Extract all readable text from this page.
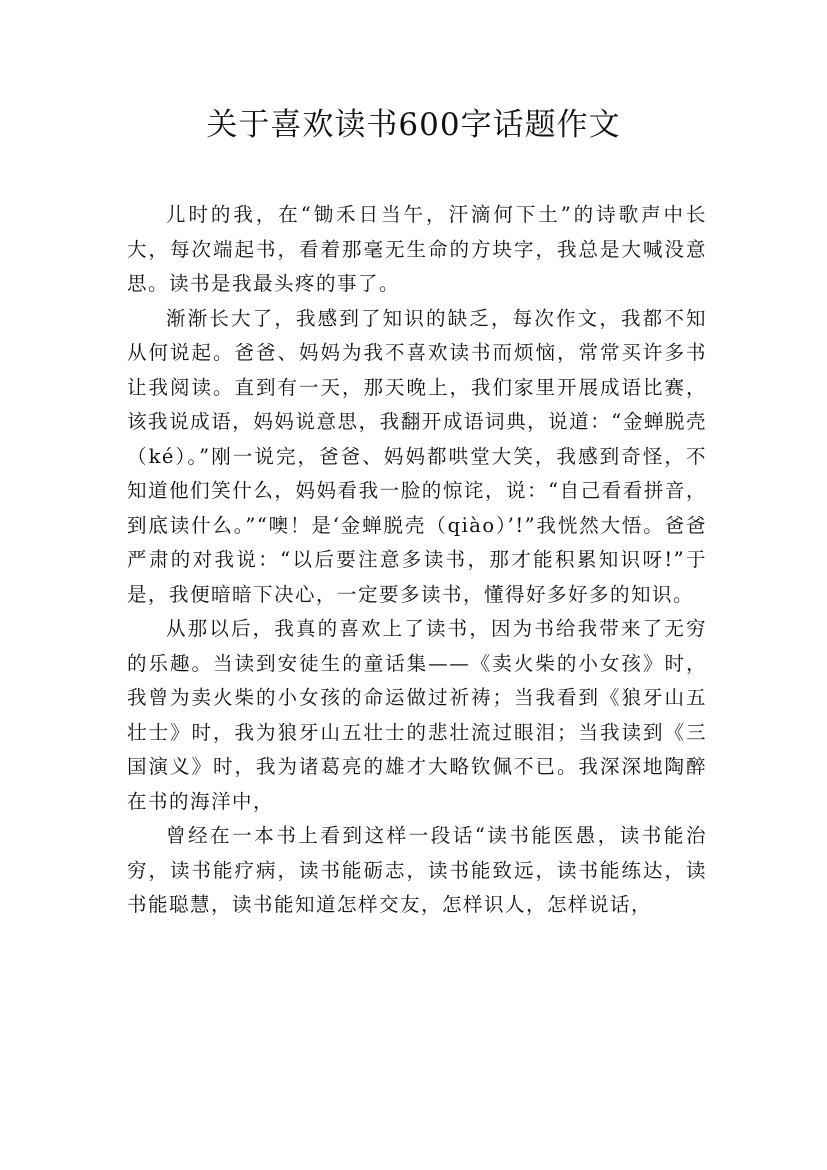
关于喜欢读书600字话题作文

儿时的我，在“锄禾日当午，汗滴何下土”的诗歌声中长大，每次端起书，看着那毫无生命的方块字，我总是大喊没意思。读书是我最头疼的事了。

渐渐长大了，我感到了知识的缺乏，每次作文，我都不知从何说起。爸爸、妈妈为我不喜欢读书而烦恼，常常买许多书让我阅读。直到有一天，那天晚上，我们家里开展成语比赛，该我说成语，妈妈说意思，我翻开成语词典，说道：“金蝉脱壳（ké）。”刚一说完，爸爸、妈妈都哄堂大笑，我感到奇怪，不知道他们笑什么，妈妈看我一脸的惊诧，说：“自己看看拼音，到底读什么。”“噢！是‘金蝉脱壳（qiào）’!”我恍然大悟。爸爸严肃的对我说：“以后要注意多读书，那才能积累知识呀!”于是，我便暗暗下决心，一定要多读书，懂得好多好多的知识。

从那以后，我真的喜欢上了读书，因为书给我带来了无穷的乐趣。当读到安徒生的童话集——《卖火柴的小女孩》时，我曾为卖火柴的小女孩的命运做过祈祷；当我看到《狼牙山五壮士》时，我为狼牙山五壮士的悲壮流过眼泪；当我读到《三国演义》时，我为诸葛亮的雄才大略钦佩不已。我深深地陶醉在书的海洋中，

曾经在一本书上看到这样一段话“读书能医愚，读书能治穷，读书能疗病，读书能砺志，读书能致远，读书能练达，读书能聪慧，读书能知道怎样交友，怎样识人，怎样说话，
